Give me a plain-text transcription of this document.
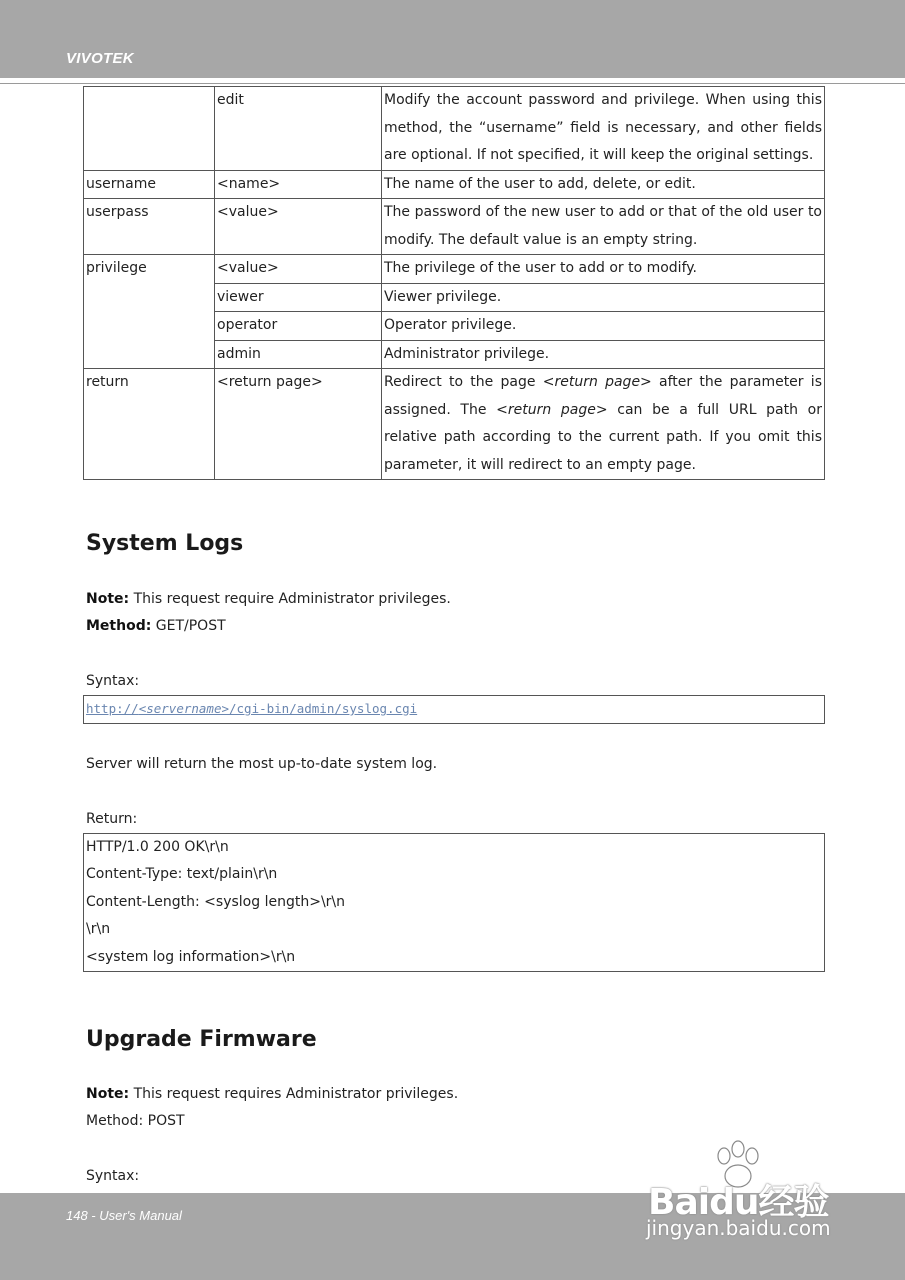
VIVOTEK
	edit	Modify the account password and privilege. When using this method, the “username” field is necessary, and other fields are optional. If not specified, it will keep the original settings.
username	<name>	The name of the user to add, delete, or edit.
userpass	<value>	The password of the new user to add or that of the old user to modify. The default value is an empty string.
privilege	<value>	The privilege of the user to add or to modify.
	viewer	Viewer privilege.
	operator	Operator privilege.
	admin	Administrator privilege.
return	<return page>	Redirect to the page <return page> after the parameter is assigned. The <return page> can be a full URL path or relative path according to the current path. If you omit this parameter, it will redirect to an empty page.
System Logs
Note: This request require Administrator privileges.
Method: GET/POST
Syntax:
http://<servername>/cgi-bin/admin/syslog.cgi
Server will return the most up-to-date system log.
Return:
HTTP/1.0 200 OK\r\n
Content-Type: text/plain\r\n
Content-Length: <syslog length>\r\n
\r\n
<system log information>\r\n
Upgrade Firmware
Note: This request requires Administrator privileges.
Method: POST
Syntax:
148 - User's Manual	Baidu经验
jingyan.baidu.com
